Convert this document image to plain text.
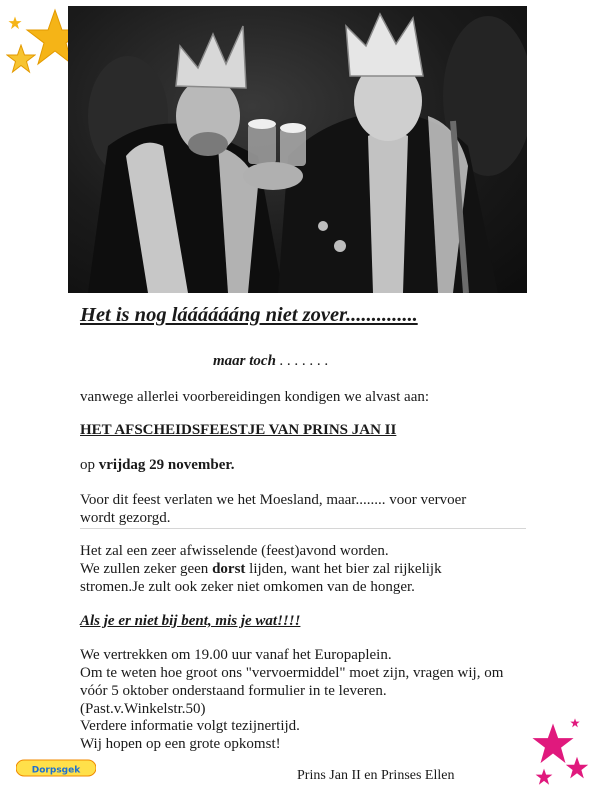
Het is nog lááááááng niet zover..............
maar toch . . . . . . .
vanwege allerlei voorbereidingen kondigen we alvast aan:
HET AFSCHEIDSFEESTJE VAN PRINS JAN II
op vrijdag 29 november.
Voor dit feest verlaten we het Moesland, maar........ voor vervoer
wordt gezorgd.
Het zal een zeer afwisselende (feest)avond worden.
We zullen zeker geen dorst lijden, want het bier zal rijkelijk
stromen.Je zult ook zeker niet omkomen van de honger.
Als je er niet bij bent, mis je wat!!!!
We vertrekken om 19.00 uur vanaf het Europaplein.
Om te weten hoe groot ons "vervoermiddel" moet zijn, vragen wij, om
vóór 5 oktober onderstaand formulier in te leveren.
(Past.v.Winkelstr.50)
Verdere informatie volgt tezijnertijd.
Wij hopen op een grote opkomst!
Prins Jan II en Prinses Ellen
Dorpsgek
